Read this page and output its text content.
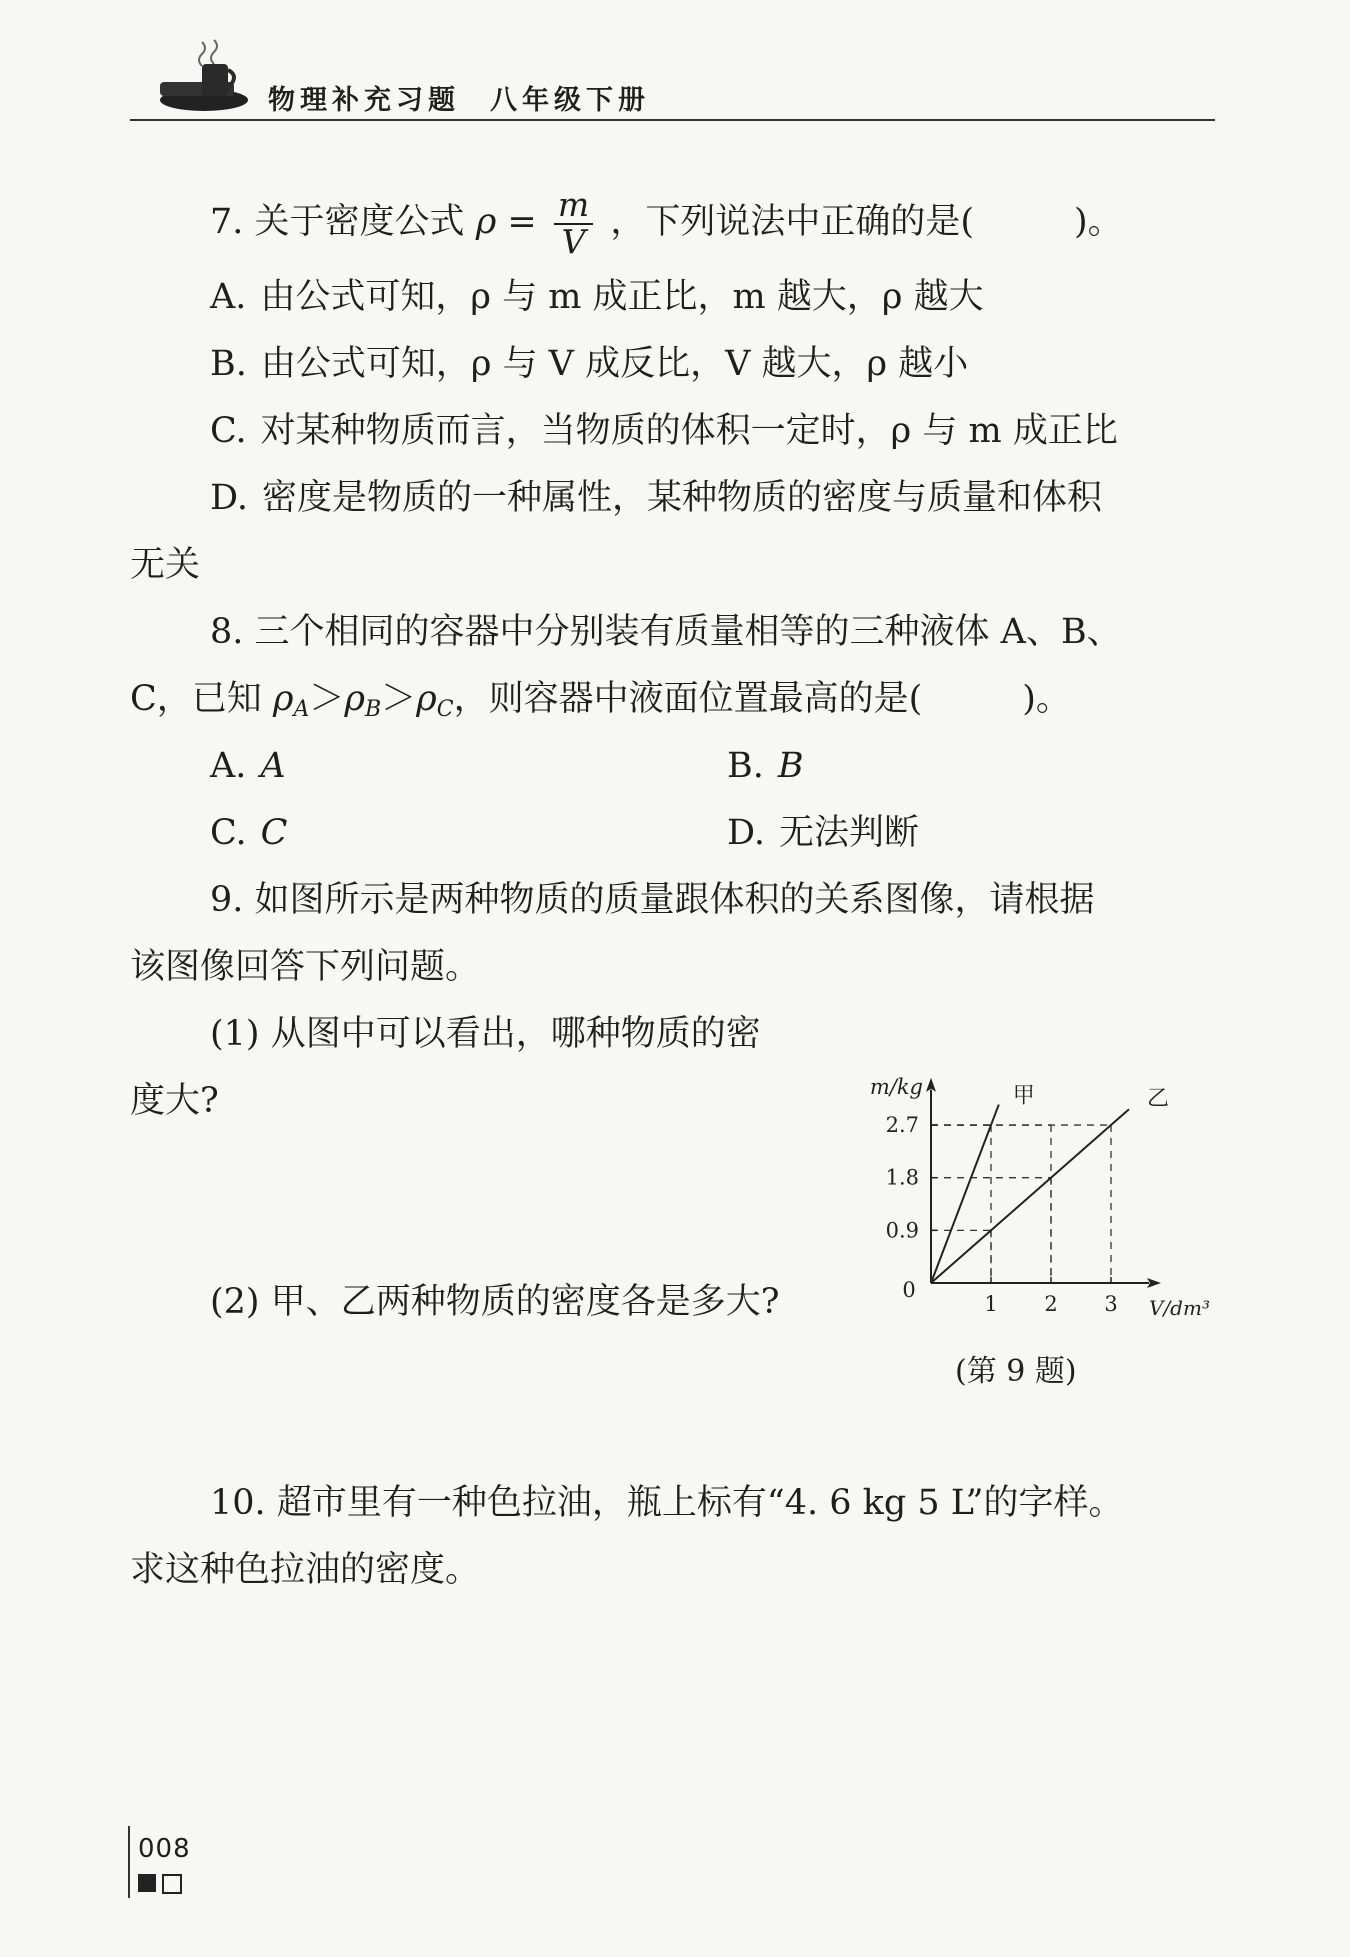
物理补充习题 八年级下册
7. 关于密度公式 $\rho = \frac{m}{V}$ ，下列说法中正确的是(	)。
A. 由公式可知，ρ 与 m 成正比，m 越大，ρ 越大
B. 由公式可知，ρ 与 V 成反比，V 越大，ρ 越小
C. 对某种物质而言，当物质的体积一定时，ρ 与 m 成正比
D. 密度是物质的一种属性，某种物质的密度与质量和体积
无关
8. 三个相同的容器中分别装有质量相等的三种液体 A、B、
C，已知 $\rho_A>\rho_B>\rho_C$，则容器中液面位置最高的是(	)。
A. A	B. B
C. C	D. 无法判断
9. 如图所示是两种物质的质量跟体积的关系图像，请根据
该图像回答下列问题。
(1) 从图中可以看出，哪种物质的密
度大?
(2) 甲、乙两种物质的密度各是多大?	1 2 3
0.9
1.8
2.7
0
V/dm³
m/kg	甲	乙
(第 9 题)
10. 超市里有一种色拉油，瓶上标有“4. 6 kg 5 L”的字样。
求这种色拉油的密度。
008
